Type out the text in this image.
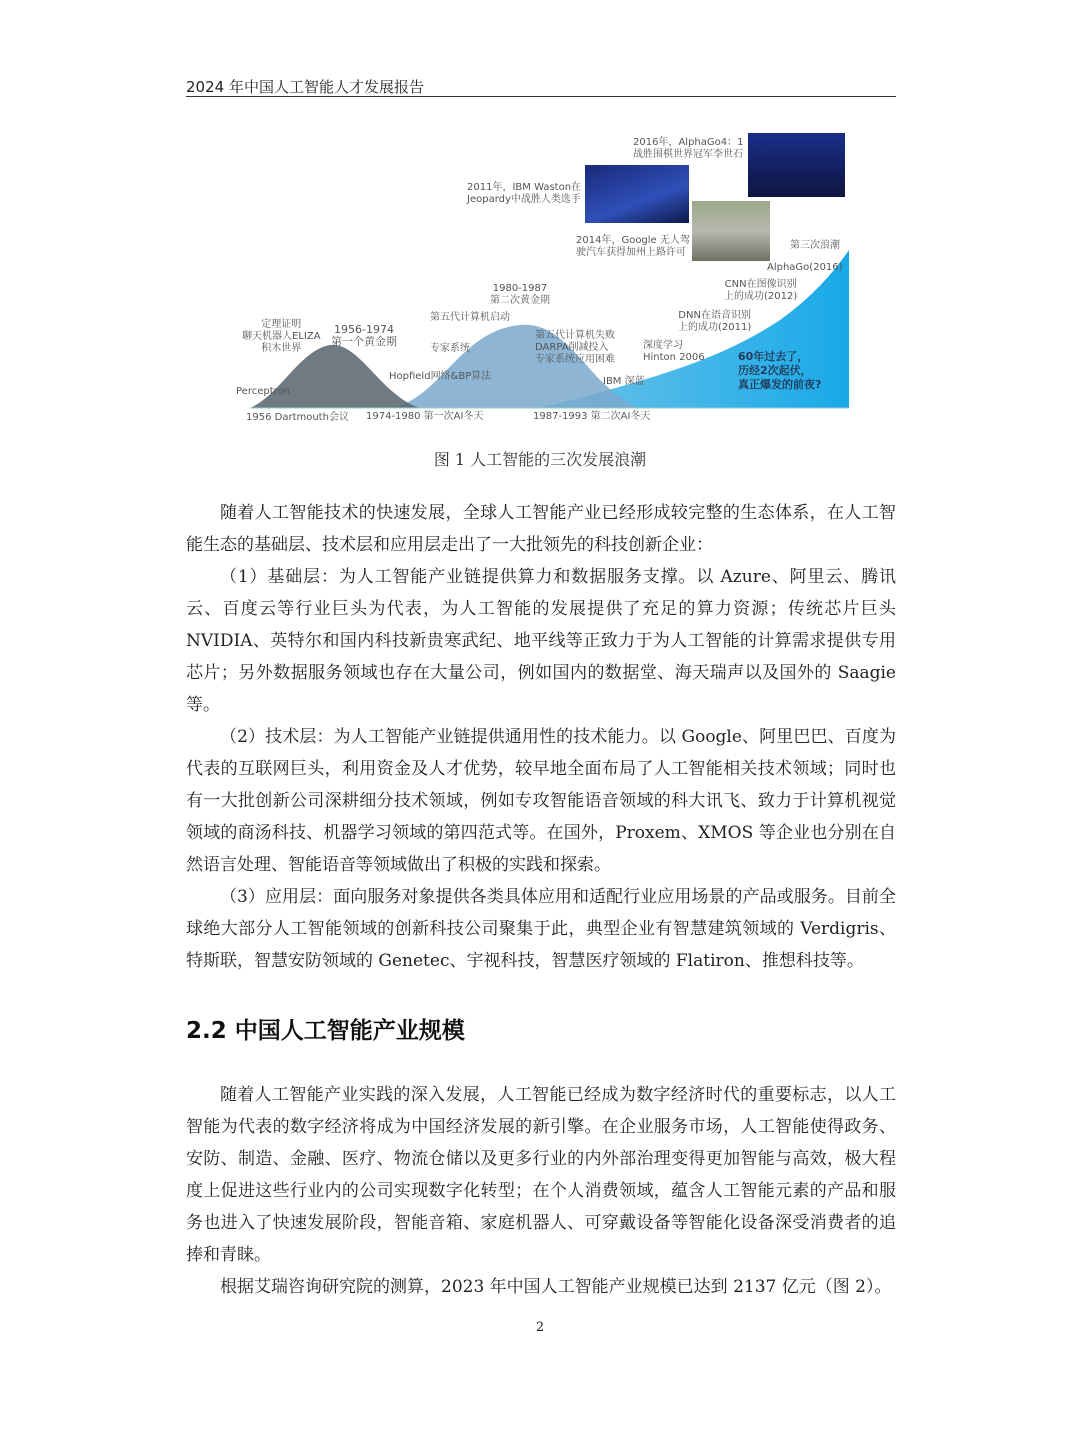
2024 年中国人工智能人才发展报告
2016年，AlphaGo4：1
战胜围棋世界冠军李世石
2011年，IBM Waston在
Jeopardy中战胜人类选手
2014年，Google 无人驾
驶汽车获得加州上路许可
第三次浪潮
AlphaGo(2016)
CNN在图像识别
上的成功(2012)
DNN在语音识别
上的成功(2011)
深度学习
Hinton 2006	60年过去了，
历经2次起伏，
真正爆发的前夜?
IBM 深蓝
1980-1987
第二次黄金期
第五代计算机启动
专家系统
第五代计算机失败
DARPA削减投入
专家系统应用困难
Hopfield网络&BP算法
1956-1974
第一个黄金期
定理证明
聊天机器人ELIZA
积木世界
Perceptron
1956 Dartmouth会议 1974-1980 第一次AI冬天	1987-1993 第二次AI冬天
图 1 人工智能的三次发展浪潮

随着人工智能技术的快速发展，全球人工智能产业已经形成较完整的生态体系，在人工智能生态的基础层、技术层和应用层走出了一大批领先的科技创新企业：

（1）基础层：为人工智能产业链提供算力和数据服务支撑。以 Azure、阿里云、腾讯云、百度云等行业巨头为代表，为人工智能的发展提供了充足的算力资源；传统芯片巨头 NVIDIA、英特尔和国内科技新贵寒武纪、地平线等正致力于为人工智能的计算需求提供专用芯片；另外数据服务领域也存在大量公司，例如国内的数据堂、海天瑞声以及国外的 Saagie 等。

（2）技术层：为人工智能产业链提供通用性的技术能力。以 Google、阿里巴巴、百度为代表的互联网巨头，利用资金及人才优势，较早地全面布局了人工智能相关技术领域；同时也有一大批创新公司深耕细分技术领域，例如专攻智能语音领域的科大讯飞、致力于计算机视觉领域的商汤科技、机器学习领域的第四范式等。在国外，Proxem、XMOS 等企业也分别在自然语言处理、智能语音等领域做出了积极的实践和探索。

（3）应用层：面向服务对象提供各类具体应用和适配行业应用场景的产品或服务。目前全球绝大部分人工智能领域的创新科技公司聚集于此，典型企业有智慧建筑领域的 Verdigris、特斯联，智慧安防领域的 Genetec、宇视科技，智慧医疗领域的 Flatiron、推想科技等。

2.2 中国人工智能产业规模

随着人工智能产业实践的深入发展，人工智能已经成为数字经济时代的重要标志，以人工智能为代表的数字经济将成为中国经济发展的新引擎。在企业服务市场，人工智能使得政务、安防、制造、金融、医疗、物流仓储以及更多行业的内外部治理变得更加智能与高效，极大程度上促进这些行业内的公司实现数字化转型；在个人消费领域，蕴含人工智能元素的产品和服务也进入了快速发展阶段，智能音箱、家庭机器人、可穿戴设备等智能化设备深受消费者的追捧和青睐。

根据艾瑞咨询研究院的测算，2023 年中国人工智能产业规模已达到 2137 亿元（图 2）。

2
